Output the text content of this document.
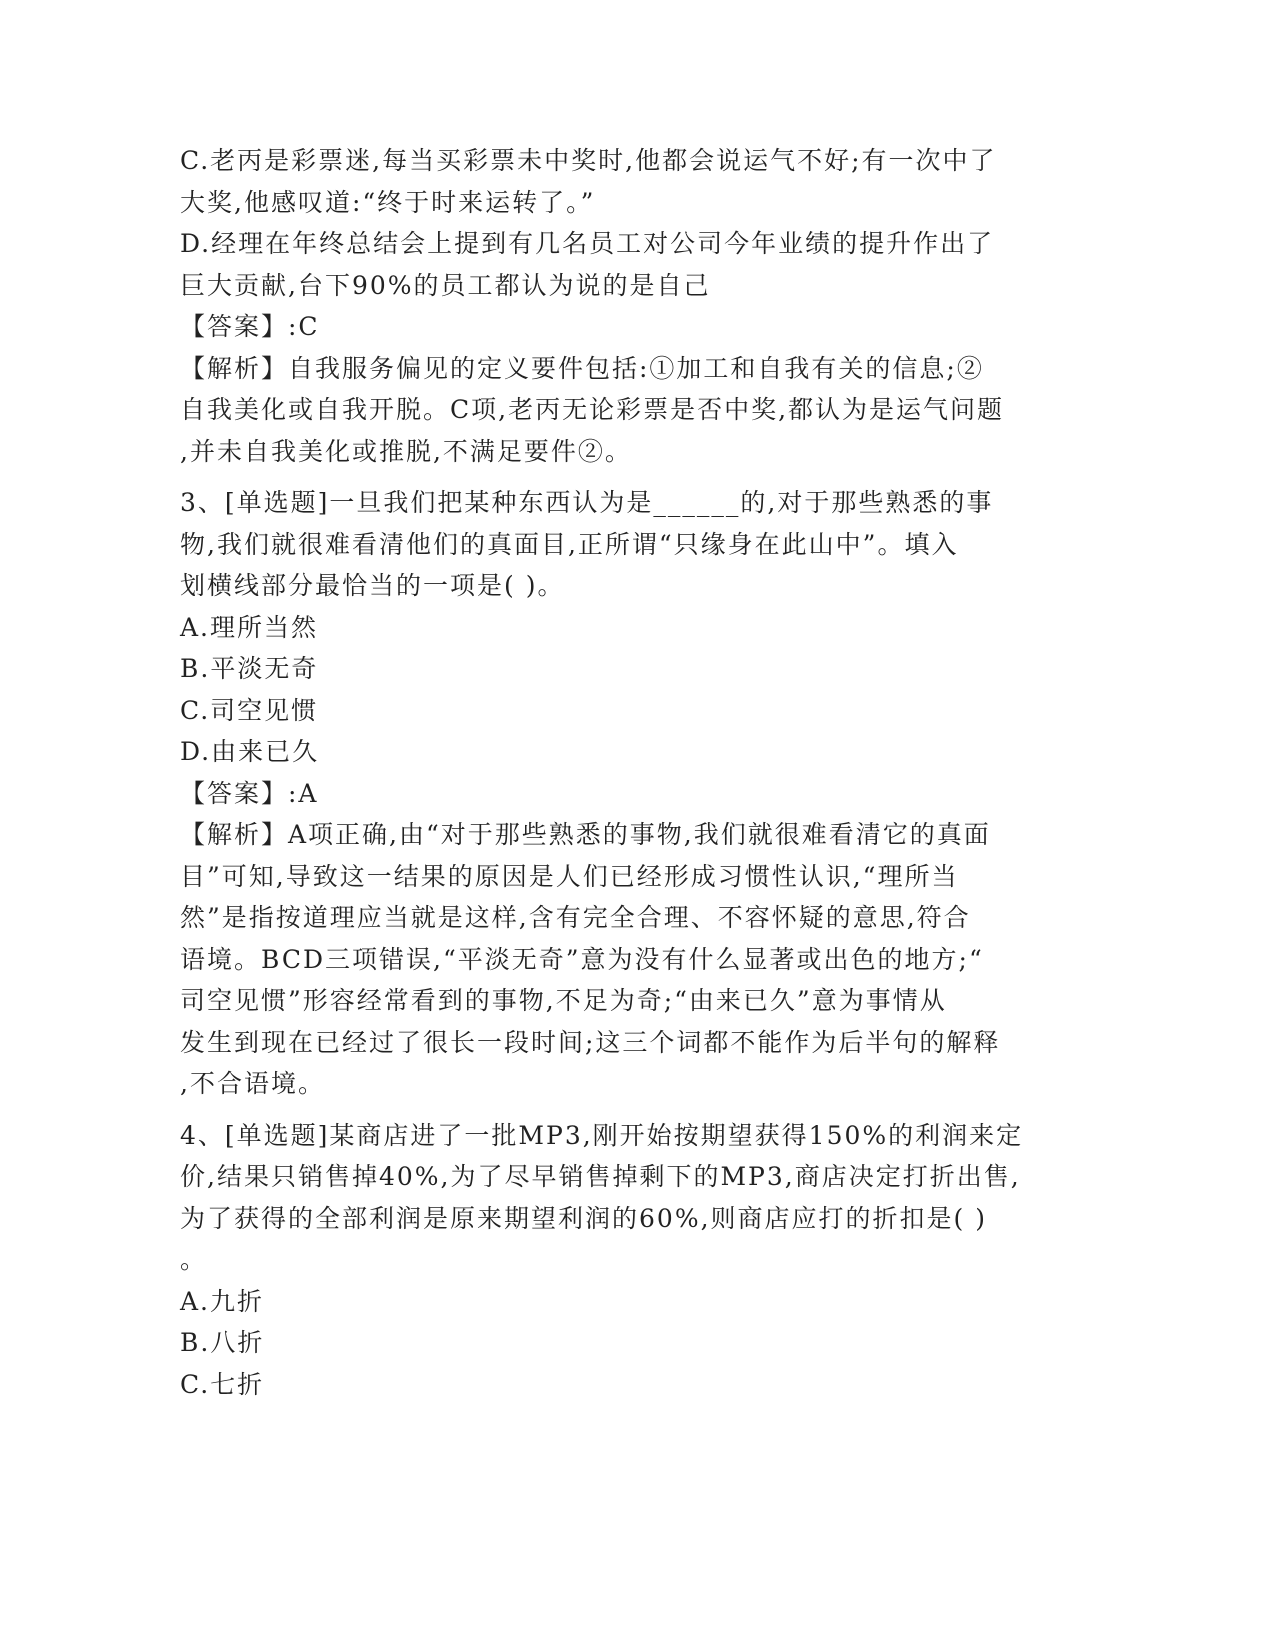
C.老丙是彩票迷,每当买彩票未中奖时,他都会说运气不好;有一次中了

大奖,他感叹道:“终于时来运转了。”

D.经理在年终总结会上提到有几名员工对公司今年业绩的提升作出了

巨大贡献,台下90%的员工都认为说的是自己

【答案】:C

【解析】自我服务偏见的定义要件包括:①加工和自我有关的信息;②

自我美化或自我开脱。C项,老丙无论彩票是否中奖,都认为是运气问题

,并未自我美化或推脱,不满足要件②。

3、[单选题]一旦我们把某种东西认为是______的,对于那些熟悉的事

物,我们就很难看清他们的真面目,正所谓“只缘身在此山中”。填入

划横线部分最恰当的一项是( )。

A.理所当然

B.平淡无奇

C.司空见惯

D.由来已久

【答案】:A

【解析】A项正确,由“对于那些熟悉的事物,我们就很难看清它的真面

目”可知,导致这一结果的原因是人们已经形成习惯性认识,“理所当

然”是指按道理应当就是这样,含有完全合理、不容怀疑的意思,符合

语境。BCD三项错误,“平淡无奇”意为没有什么显著或出色的地方;“

司空见惯”形容经常看到的事物,不足为奇;“由来已久”意为事情从

发生到现在已经过了很长一段时间;这三个词都不能作为后半句的解释

,不合语境。

4、[单选题]某商店进了一批MP3,刚开始按期望获得150%的利润来定

价,结果只销售掉40%,为了尽早销售掉剩下的MP3,商店决定打折出售,

为了获得的全部利润是原来期望利润的60%,则商店应打的折扣是( )

。

A.九折

B.八折

C.七折
